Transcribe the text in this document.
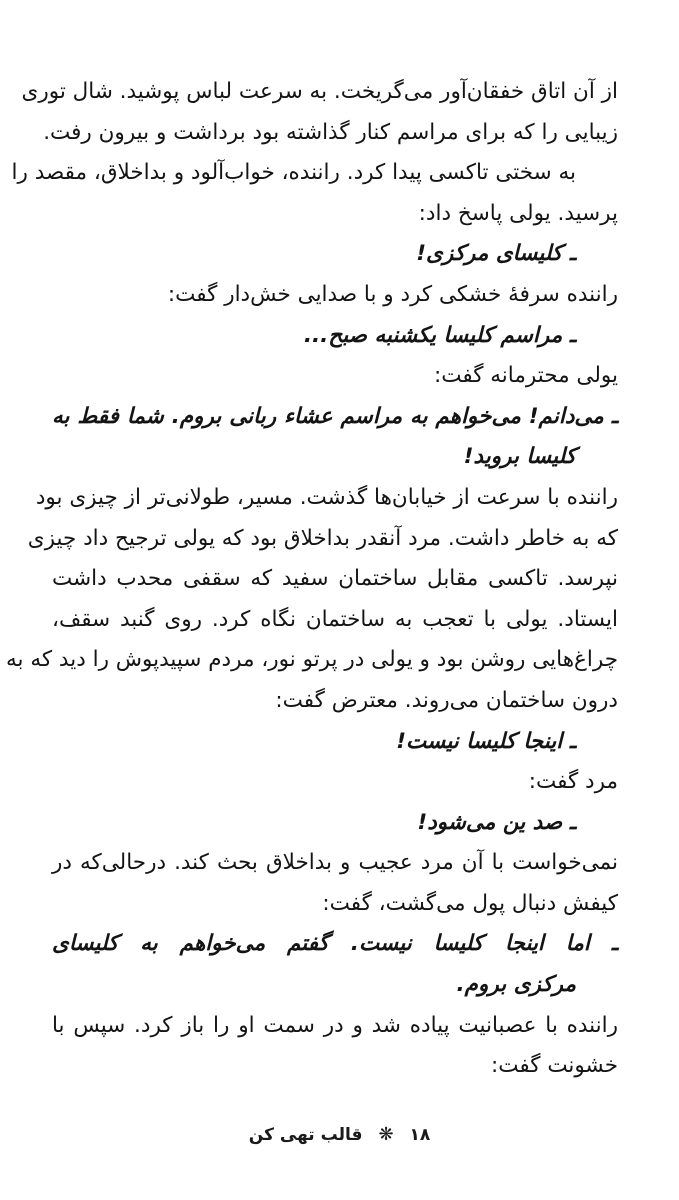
از آن اتاق خفقان‌آور می‌گریخت. به سرعت لباس پوشید. شال توری
زیبایی را که برای مراسم کنار گذاشته بود برداشت و بیرون رفت.
به سختی تاکسی پیدا کرد. راننده، خواب‌آلود و بداخلاق، مقصد را
پرسید. یولی پاسخ داد:
ـ کلیسای مرکزی!
راننده سرفهٔ خشکی کرد و با صدایی خش‌دار گفت:
ـ مراسم کلیسا یکشنبه صبح...
یولی محترمانه گفت:
ـ می‌دانم! می‌خواهم به مراسم عشاء ربانی بروم. شما فقط به
کلیسا بروید!
راننده با سرعت از خیابان‌ها گذشت. مسیر، طولانی‌تر از چیزی بود
که به خاطر داشت. مرد آنقدر بداخلاق بود که یولی ترجیح داد چیزی
نپرسد. تاکسی مقابل ساختمان سفید که سقفی محدب داشت
ایستاد. یولی با تعجب به ساختمان نگاه کرد. روی گنبد سقف،
چراغ‌هایی روشن بود و یولی در پرتو نور، مردم سپیدپوش را دید که به
درون ساختمان می‌روند. معترض گفت:
ـ اینجا کلیسا نیست!
مرد گفت:
ـ صد ین می‌شود!
نمی‌خواست با آن مرد عجیب و بداخلاق بحث کند. درحالی‌که در
کیفش دنبال پول می‌گشت، گفت:
ـ اما اینجا کلیسا نیست. گفتم می‌خواهم به کلیسای
مرکزی بروم.
راننده با عصبانیت پیاده شد و در سمت او را باز کرد. سپس با
خشونت گفت:
۱۸ ❋ قالب تهی کن
